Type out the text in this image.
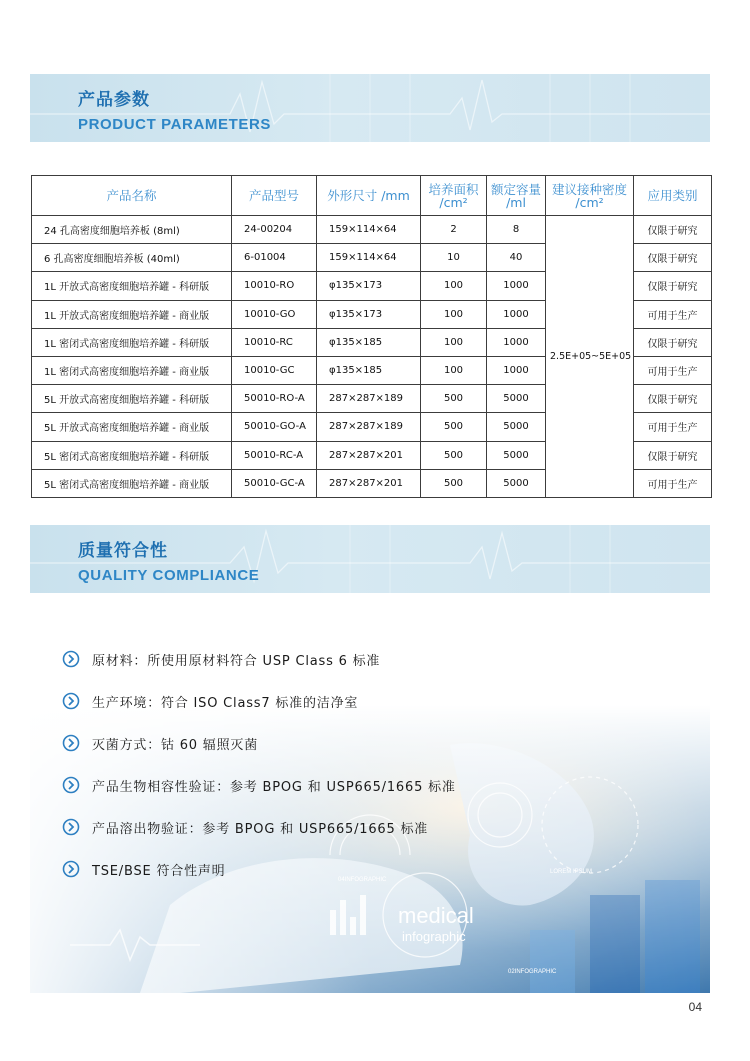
产品参数
PRODUCT PARAMETERS
产品名称	产品型号	外形尺寸 /mm	培养面积 /cm²	额定容量 /ml	建议接种密度 /cm²	应用类别
24 孔高密度细胞培养板 (8ml)	24-00204	159×114×64	2	8	2.5E+05~5E+05	仅限于研究
6 孔高密度细胞培养板 (40ml)	6-01004	159×114×64	10	40		仅限于研究
1L 开放式高密度细胞培养罐 - 科研版	10010-RO	φ135×173	100	1000		仅限于研究
1L 开放式高密度细胞培养罐 - 商业版	10010-GO	φ135×173	100	1000		可用于生产
1L 密闭式高密度细胞培养罐 - 科研版	10010-RC	φ135×185	100	1000		仅限于研究
1L 密闭式高密度细胞培养罐 - 商业版	10010-GC	φ135×185	100	1000		可用于生产
5L 开放式高密度细胞培养罐 - 科研版	50010-RO-A	287×287×189	500	5000		仅限于研究
5L 开放式高密度细胞培养罐 - 商业版	50010-GO-A	287×287×189	500	5000		可用于生产
5L 密闭式高密度细胞培养罐 - 科研版	50010-RC-A	287×287×201	500	5000		仅限于研究
5L 密闭式高密度细胞培养罐 - 商业版	50010-GC-A	287×287×201	500	5000		可用于生产
质量符合性
QUALITY COMPLIANCE
medical
infographic
04INFOGRAPHIC
02INFOGRAPHIC
LOREM IPSUM
原材料：所使用原材料符合 USP Class 6 标准
生产环境：符合 ISO Class7 标准的洁净室
灭菌方式：钴 60 辐照灭菌
产品生物相容性验证：参考 BPOG 和 USP665/1665 标准
产品溶出物验证：参考 BPOG 和 USP665/1665 标准
TSE/BSE 符合性声明
04
